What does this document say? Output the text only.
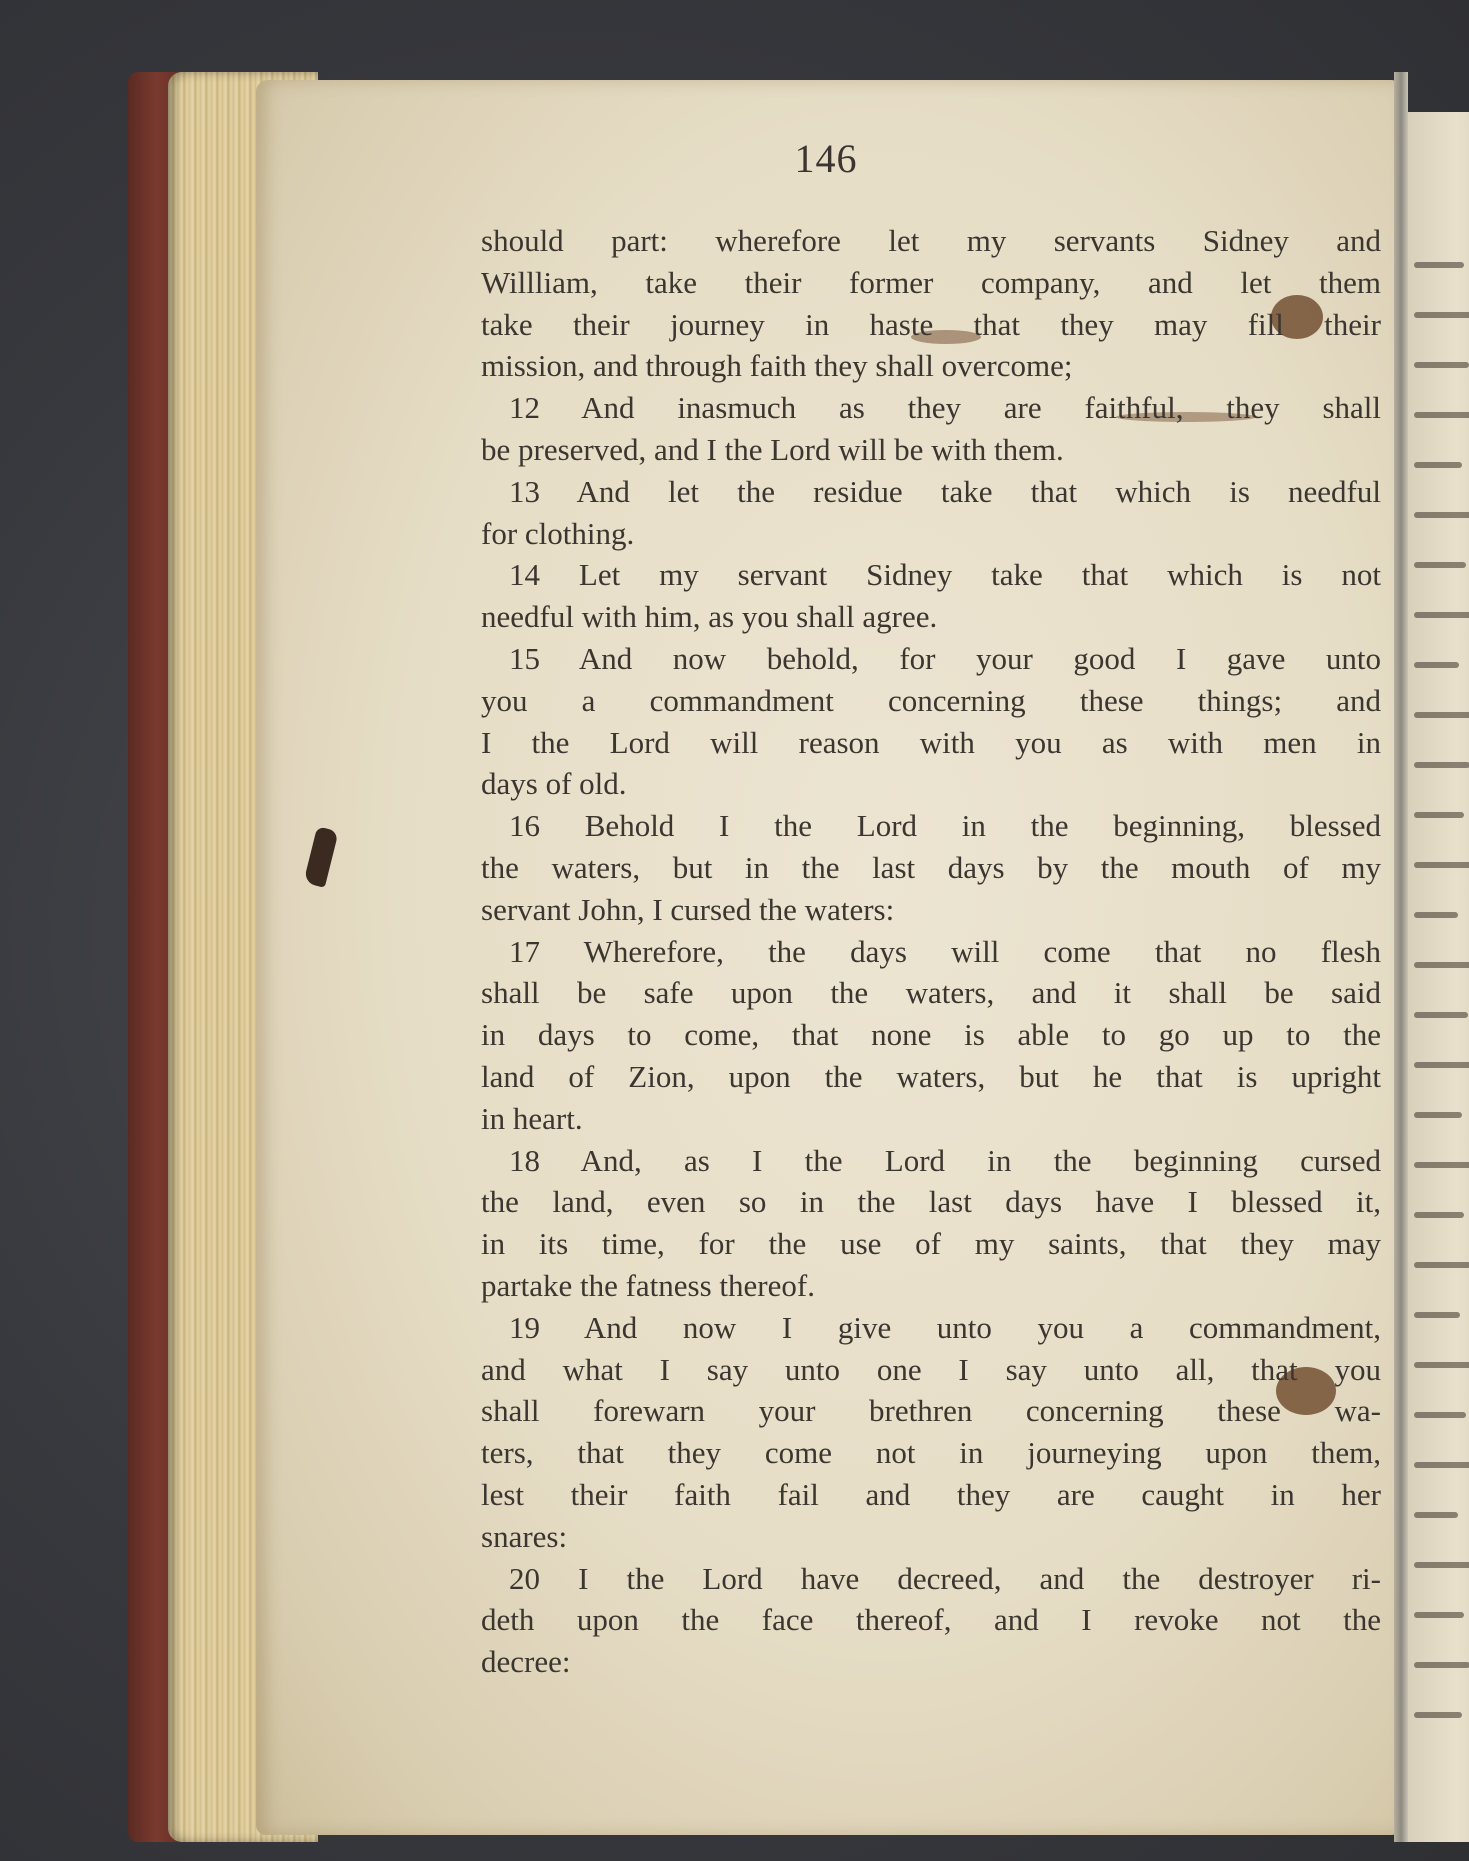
146
should part: wherefore let my servants Sidney and
Willliam, take their former company, and let them
take their journey in haste that they may fill their
mission, and through faith they shall overcome;
12 And inasmuch as they are faithful, they shall
be preserved, and I the Lord will be with them.
13 And let the residue take that which is needful
for clothing.
14 Let my servant Sidney take that which is not
needful with him, as you shall agree.
15 And now behold, for your good I gave unto
you a commandment concerning these things; and
I the Lord will reason with you as with men in
days of old.
16 Behold I the Lord in the beginning, blessed
the waters, but in the last days by the mouth of my
servant John, I cursed the waters:
17 Wherefore, the days will come that no flesh
shall be safe upon the waters, and it shall be said
in days to come, that none is able to go up to the
land of Zion, upon the waters, but he that is upright
in heart.
18 And, as I the Lord in the beginning cursed
the land, even so in the last days have I blessed it,
in its time, for the use of my saints, that they may
partake the fatness thereof.
19 And now I give unto you a commandment,
and what I say unto one I say unto all, that you
shall forewarn your brethren concerning these wa-
ters, that they come not in journeying upon them,
lest their faith fail and they are caught in her
snares:
20 I the Lord have decreed, and the destroyer ri-
deth upon the face thereof, and I revoke not the
decree:
